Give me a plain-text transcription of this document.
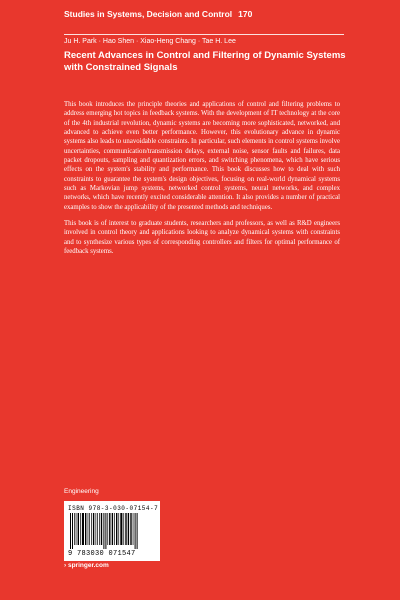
Studies in Systems, Decision and Control 170
Ju H. Park · Hao Shen · Xiao-Heng Chang · Tae H. Lee
Recent Advances in Control and Filtering of Dynamic Systems with Constrained Signals

This book introduces the principle theories and applications of control and filtering problems to address emerging hot topics in feedback systems. With the development of IT technology at the core of the 4th industrial revolution, dynamic systems are becoming more sophisticated, networked, and advanced to achieve even better performance. However, this evolutionary advance in dynamic systems also leads to unavoidable constraints. In particular, such elements in control systems involve uncertainties, communication/transmission delays, external noise, sensor faults and failures, data packet dropouts, sampling and quantization errors, and switching phenomena, which have serious effects on the system's stability and performance. This book discusses how to deal with such constraints to guarantee the system's design objectives, focusing on real-world dynamical systems such as Markovian jump systems, networked control systems, neural networks, and complex networks, which have recently excited considerable attention. It also provides a number of practical examples to show the applicability of the presented methods and techniques.

This book is of interest to graduate students, researchers and professors, as well as R&D engineers involved in control theory and applications looking to analyze dynamical systems with constraints and to synthesize various types of corresponding controllers and filters for optimal performance of feedback systems.

Engineering
ISBN 978-3-030-07154-7
9 783030 071547
› springer.com
